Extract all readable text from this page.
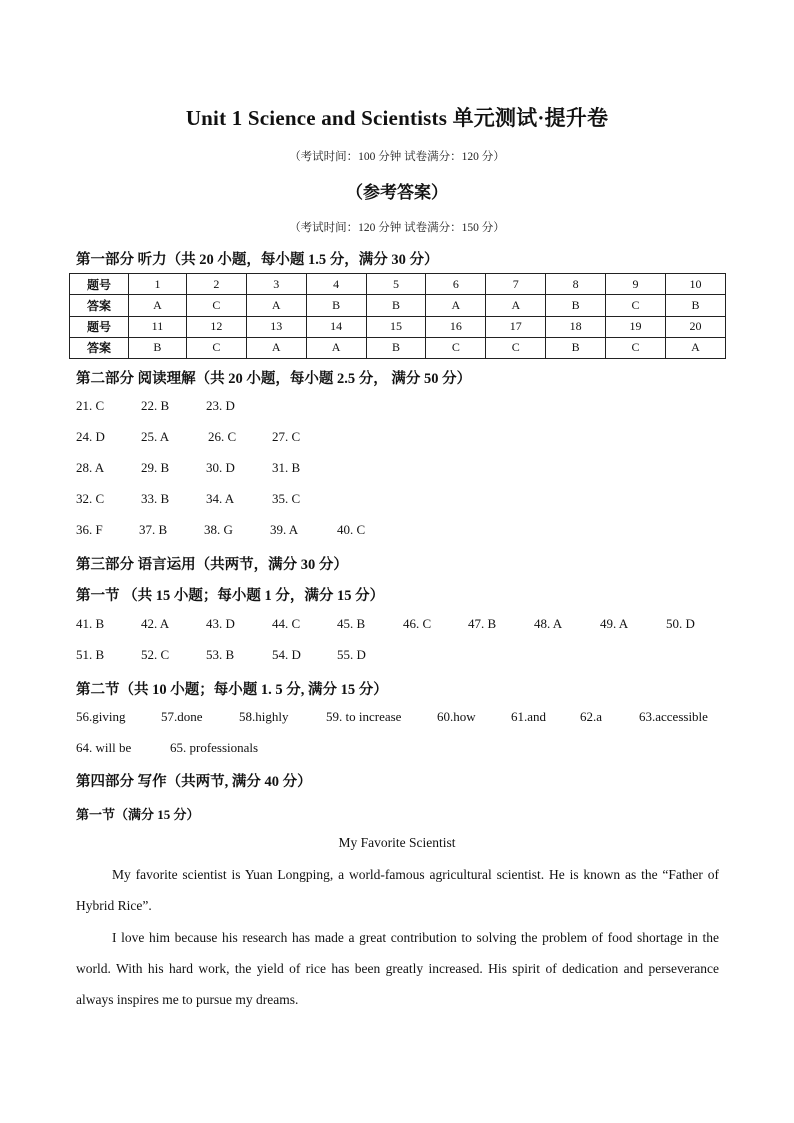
Unit 1 Science and Scientists 单元测试·提升卷
（考试时间：100 分钟 试卷满分：120 分）
（参考答案）
（考试时间：120 分钟 试卷满分：150 分）
第一部分 听力（共 20 小题，每小题 1.5 分，满分 30 分）
题号	1	2	3	4	5	6	7	8	9	10
答案	A	C	A	B	B	A	A	B	C	B
题号	11	12	13	14	15	16	17	18	19	20
答案	B	C	A	A	B	C	C	B	C	A
第二部分 阅读理解（共 20 小题，每小题 2.5 分， 满分 50 分）
21. C	22. B	23. D
24. D	25. A	26. C	27. C
28. A	29. B	30. D	31. B
32. C	33. B	34. A	35. C
36. F	37. B	38. G	39. A	40. C
第三部分 语言运用（共两节，满分 30 分）
第一节 （共 15 小题；每小题 1 分，满分 15 分）
41. B	42. A	43. D	44. C	45. B	46. C	47. B	48. A	49. A	50. D
51. B	52. C	53. B	54. D	55. D
第二节（共 10 小题；每小题 1. 5 分, 满分 15 分）
56.giving	57.done	58.highly	59. to increase	60.how	61.and	62.a	63.accessible
64. will be	65. professionals
第四部分 写作（共两节, 满分 40 分）
第一节（满分 15 分）
My Favorite Scientist
My favorite scientist is Yuan Longping, a world-famous agricultural scientist. He is known as the “Father of Hybrid Rice”.
I love him because his research has made a great contribution to solving the problem of food shortage in the world. With his hard work, the yield of rice has been greatly increased. His spirit of dedication and perseverance always inspires me to pursue my dreams.
